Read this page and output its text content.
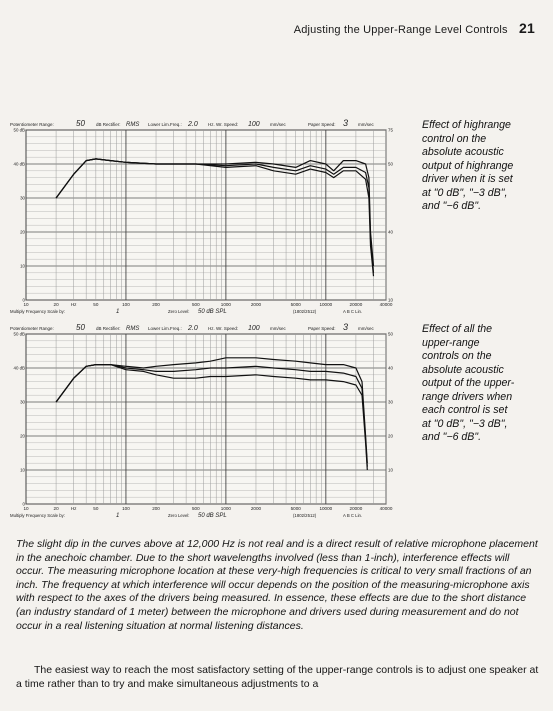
Adjusting the Upper-Range Level Controls 21
Potentiometer Range:	50 dB Rectifier: RMS Lower Lim.Freq.: 2.0 Hz. Wr. Speed: 100 mm/sec	Paper Speed: 3 mm/sec
10	20	Hz	50	100	200	500	1000	2000	5000	10000	20000	40000
50 dB
40 dB
30
20
10
0
75
50
40
10
Multiply Frequency Scale by:	1	Zero Level: 50 dB SPL	(1802/2512)	A B C Lin.
Effect of highrange
control on the
absolute acoustic
output of highrange
driver when it is set
at "0 dB", "−3 dB",
and "−6 dB".
Potentiometer Range:	50 dB Rectifier: RMS Lower Lim.Freq.: 2.0 Hz. Wr. Speed: 100 mm/sec	Paper Speed: 3 mm/sec
10	20	Hz	50	100	200	500	1000	2000	5000	10000	20000	40000
50 dB
40 dB
30
20
10
0
50
40
30
20
10
Multiply Frequency Scale by:	1	Zero Level: 50 dB SPL	(1802/2512)	A B C Lin.
Effect of all the
upper-range
controls on the
absolute acoustic
output of the upper-
range drivers when
each control is set
at "0 dB", "−3 dB",
and "−6 dB".

The slight dip in the curves above at 12,000 Hz is not real and is a direct result of relative microphone placement in the anechoic chamber. Due to the short wavelengths involved (less than 1-inch), interference effects will occur. The measuring microphone location at these very-high frequencies is critical to very small fractions of an inch. The frequency at which interference will occur depends on the position of the measuring-microphone axis with respect to the axes of the drivers being measured. In essence, these effects are due to the short distance (an industry standard of 1 meter) between the microphone and drivers used during measurement and do not occur in a real listening situation at normal listening distances.

The easiest way to reach the most satisfactory setting of the upper-range controls is to adjust one speaker at a time rather than to try and make simultaneous adjustments to a
